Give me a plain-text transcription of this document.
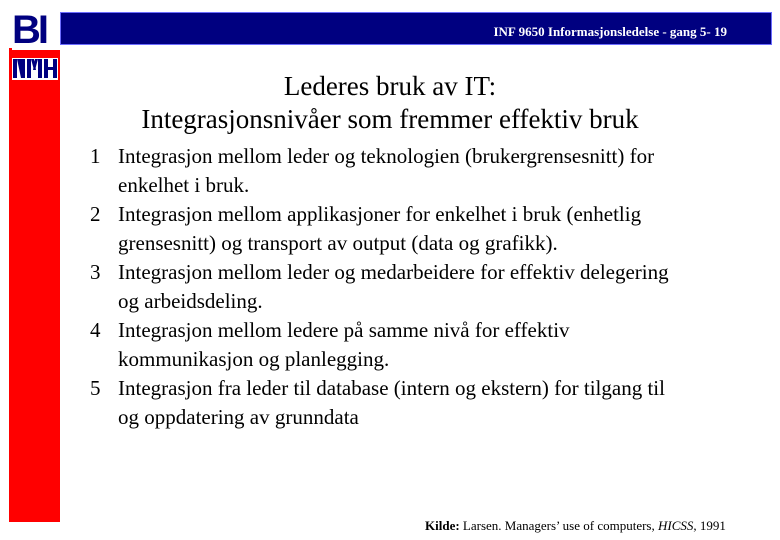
INF 9650 Informasjonsledelse - gang 5- 19
BI
Lederes bruk av IT:
Integrasjonsnivåer som fremmer effektiv bruk
1 Integrasjon mellom leder og teknologien (brukergrensesnitt) for enkelhet i bruk.
2 Integrasjon mellom applikasjoner for enkelhet i bruk (enhetlig grensesnitt) og transport av output (data og grafikk).
3 Integrasjon mellom leder og medarbeidere for effektiv delegering og arbeidsdeling.
4 Integrasjon mellom ledere på samme nivå for effektiv kommunikasjon og planlegging.
5 Integrasjon fra leder til database (intern og ekstern) for tilgang til og oppdatering av grunndata
Kilde: Larsen. Managers’ use of computers, HICSS, 1991
